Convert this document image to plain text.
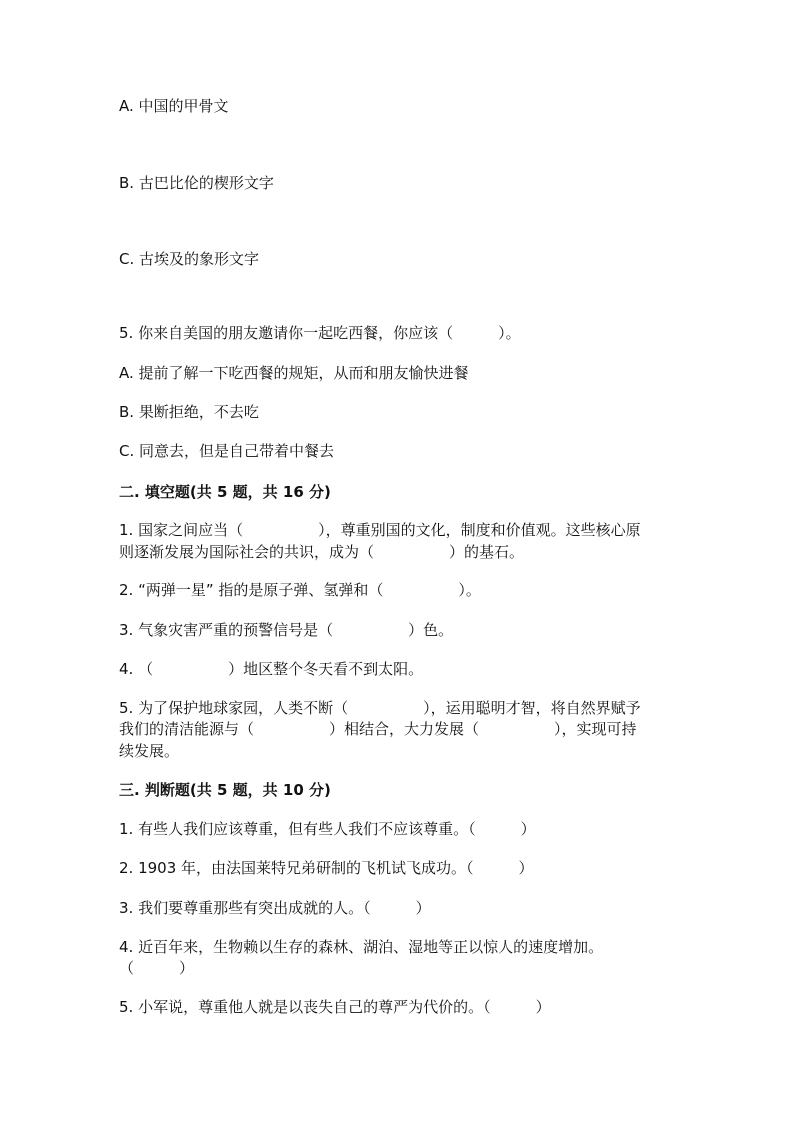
A. 中国的甲骨文
B. 古巴比伦的楔形文字
C. 古埃及的象形文字
5. 你来自美国的朋友邀请你一起吃西餐，你应该（　　　）。
A. 提前了解一下吃西餐的规矩，从而和朋友愉快进餐
B. 果断拒绝，不去吃
C. 同意去，但是自己带着中餐去
二. 填空题(共 5 题，共 16 分)
1. 国家之间应当（　　　　　），尊重别国的文化，制度和价值观。这些核心原
则逐渐发展为国际社会的共识，成为（　　　　　）的基石。
2. “两弹一星” 指的是原子弹、氢弹和（　　　　　）。
3. 气象灾害严重的预警信号是（　　　　　）色。
4. （　　　　　）地区整个冬天看不到太阳。
5. 为了保护地球家园，人类不断（　　　　　），运用聪明才智，将自然界赋予
我们的清洁能源与（　　　　　）相结合，大力发展（　　　　　），实现可持
续发展。
三. 判断题(共 5 题，共 10 分)
1. 有些人我们应该尊重，但有些人我们不应该尊重。（　　　）
2. 1903 年，由法国莱特兄弟研制的飞机试飞成功。（　　　）
3. 我们要尊重那些有突出成就的人。（　　　）
4. 近百年来，生物赖以生存的森林、湖泊、湿地等正以惊人的速度增加。
（　　　）
5. 小军说，尊重他人就是以丧失自己的尊严为代价的。（　　　）
